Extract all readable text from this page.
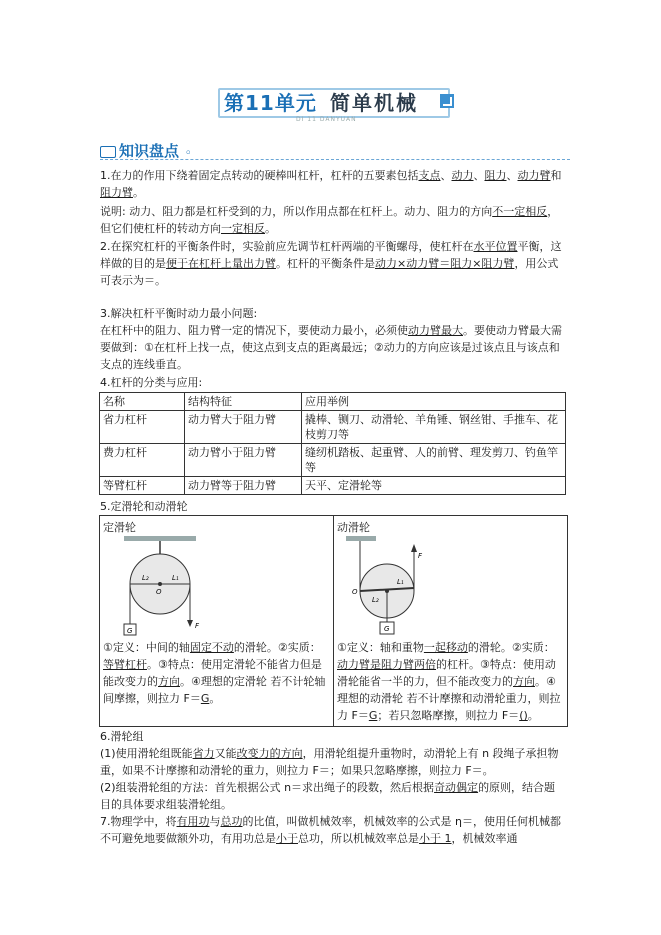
第11单元 简单机械
DI 11 DANYUAN
知识盘点 ◦
1.在力的作用下绕着固定点转动的硬棒叫杠杆，杠杆的五要素包括支点、动力、阻力、动力臂和阻力臂。
说明: 动力、阻力都是杠杆受到的力，所以作用点都在杠杆上。动力、阻力的方向不一定相反，但它们使杠杆的转动方向一定相反。
2.在探究杠杆的平衡条件时，实验前应先调节杠杆两端的平衡螺母，使杠杆在水平位置平衡，这样做的目的是便于在杠杆上量出力臂。杠杆的平衡条件是动力×动力臂＝阻力×阻力臂，用公式可表示为＝。
3.解决杠杆平衡时动力最小问题:
在杠杆中的阻力、阻力臂一定的情况下，要使动力最小，必须使动力臂最大。要使动力臂最大需要做到：①在杠杆上找一点，使这点到支点的距离最远；②动力的方向应该是过该点且与该点和支点的连线垂直。
4.杠杆的分类与应用:
名称	结构特征	应用举例
省力杠杆	动力臂大于阻力臂	撬棒、铡刀、动滑轮、羊角锤、钢丝钳、手推车、花枝剪刀等
费力杠杆	动力臂小于阻力臂	缝纫机踏板、起重臂、人的前臂、理发剪刀、钓鱼竿等
等臂杠杆	动力臂等于阻力臂	天平、定滑轮等
5.定滑轮和动滑轮
定滑轮
L₂	L₁
O
F
G
①定义：中间的轴固定不动的滑轮。②实质：等臂杠杆。③特点：使用定滑轮不能省力但是能改变力的方向。④理想的定滑轮 若不计轮轴间摩擦，则拉力 F＝G。
动滑轮
F
L₁
L₂
O
G
①定义：轴和重物一起移动的滑轮。②实质：动力臂是阻力臂两倍的杠杆。③特点：使用动滑轮能省一半的力，但不能改变力的方向。④理想的动滑轮 若不计摩擦和动滑轮重力，则拉力 F＝G；若只忽略摩擦，则拉力 F＝()。
6.滑轮组
(1)使用滑轮组既能省力又能改变力的方向，用滑轮组提升重物时，动滑轮上有 n 段绳子承担物重，如果不计摩擦和动滑轮的重力，则拉力 F＝；如果只忽略摩擦，则拉力 F＝。
(2)组装滑轮组的方法：首先根据公式 n＝求出绳子的段数，然后根据奇动偶定的原则，结合题目的具体要求组装滑轮组。
7.物理学中，将有用功与总功的比值，叫做机械效率，机械效率的公式是 η＝，使用任何机械都不可避免地要做额外功，有用功总是小于总功，所以机械效率总是小于 1，机械效率通
